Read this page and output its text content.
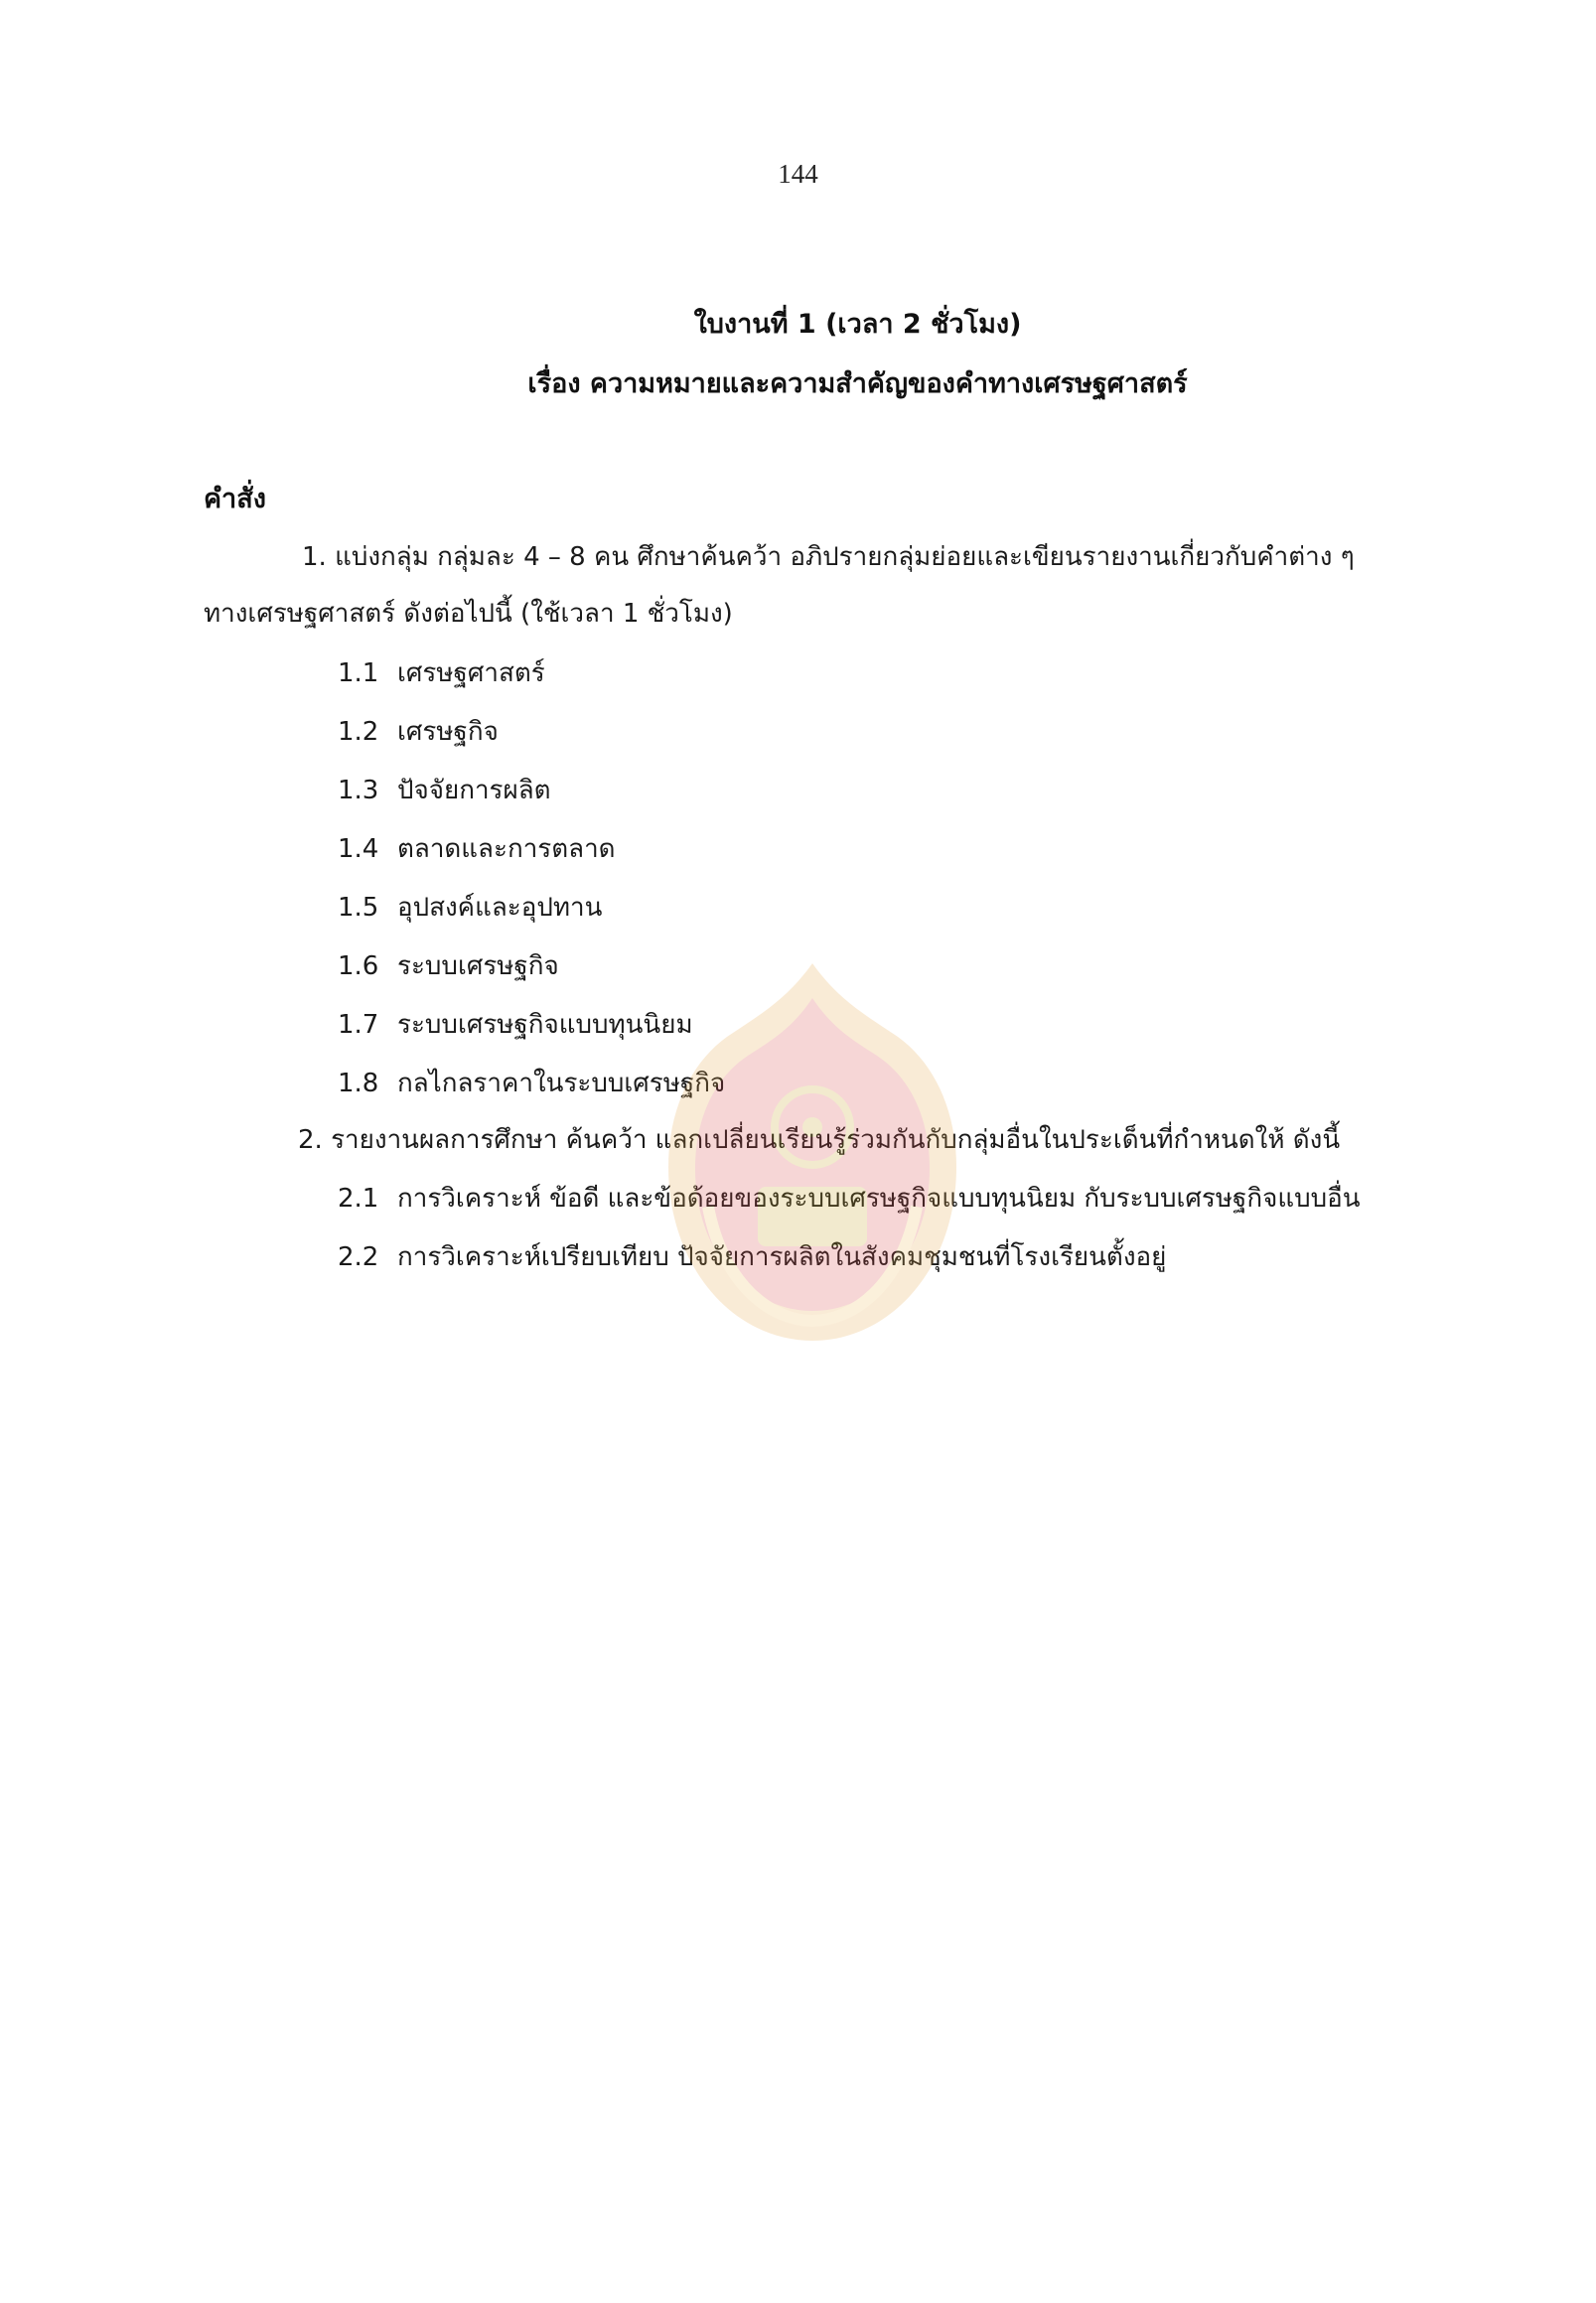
144
ใบงานที่ 1 (เวลา 2 ชั่วโมง)
เรื่อง ความหมายและความสำคัญของคำทางเศรษฐศาสตร์
คำสั่ง
1. แบ่งกลุ่ม กลุ่มละ 4 – 8 คน ศึกษาค้นคว้า อภิปรายกลุ่มย่อยและเขียนรายงานเกี่ยวกับคำต่าง ๆ
ทางเศรษฐศาสตร์ ดังต่อไปนี้ (ใช้เวลา 1 ชั่วโมง)
1.1 เศรษฐศาสตร์
1.2 เศรษฐกิจ
1.3 ปัจจัยการผลิต
1.4 ตลาดและการตลาด
1.5 อุปสงค์และอุปทาน
1.6 ระบบเศรษฐกิจ
1.7 ระบบเศรษฐกิจแบบทุนนิยม
1.8 กลไกลราคาในระบบเศรษฐกิจ
2. รายงานผลการศึกษา ค้นคว้า แลกเปลี่ยนเรียนรู้ร่วมกันกับกลุ่มอื่นในประเด็นที่กำหนดให้ ดังนี้
2.1 การวิเคราะห์ ข้อดี และข้อด้อยของระบบเศรษฐกิจแบบทุนนิยม กับระบบเศรษฐกิจแบบอื่น
2.2 การวิเคราะห์เปรียบเทียบ ปัจจัยการผลิตในสังคมชุมชนที่โรงเรียนตั้งอยู่
